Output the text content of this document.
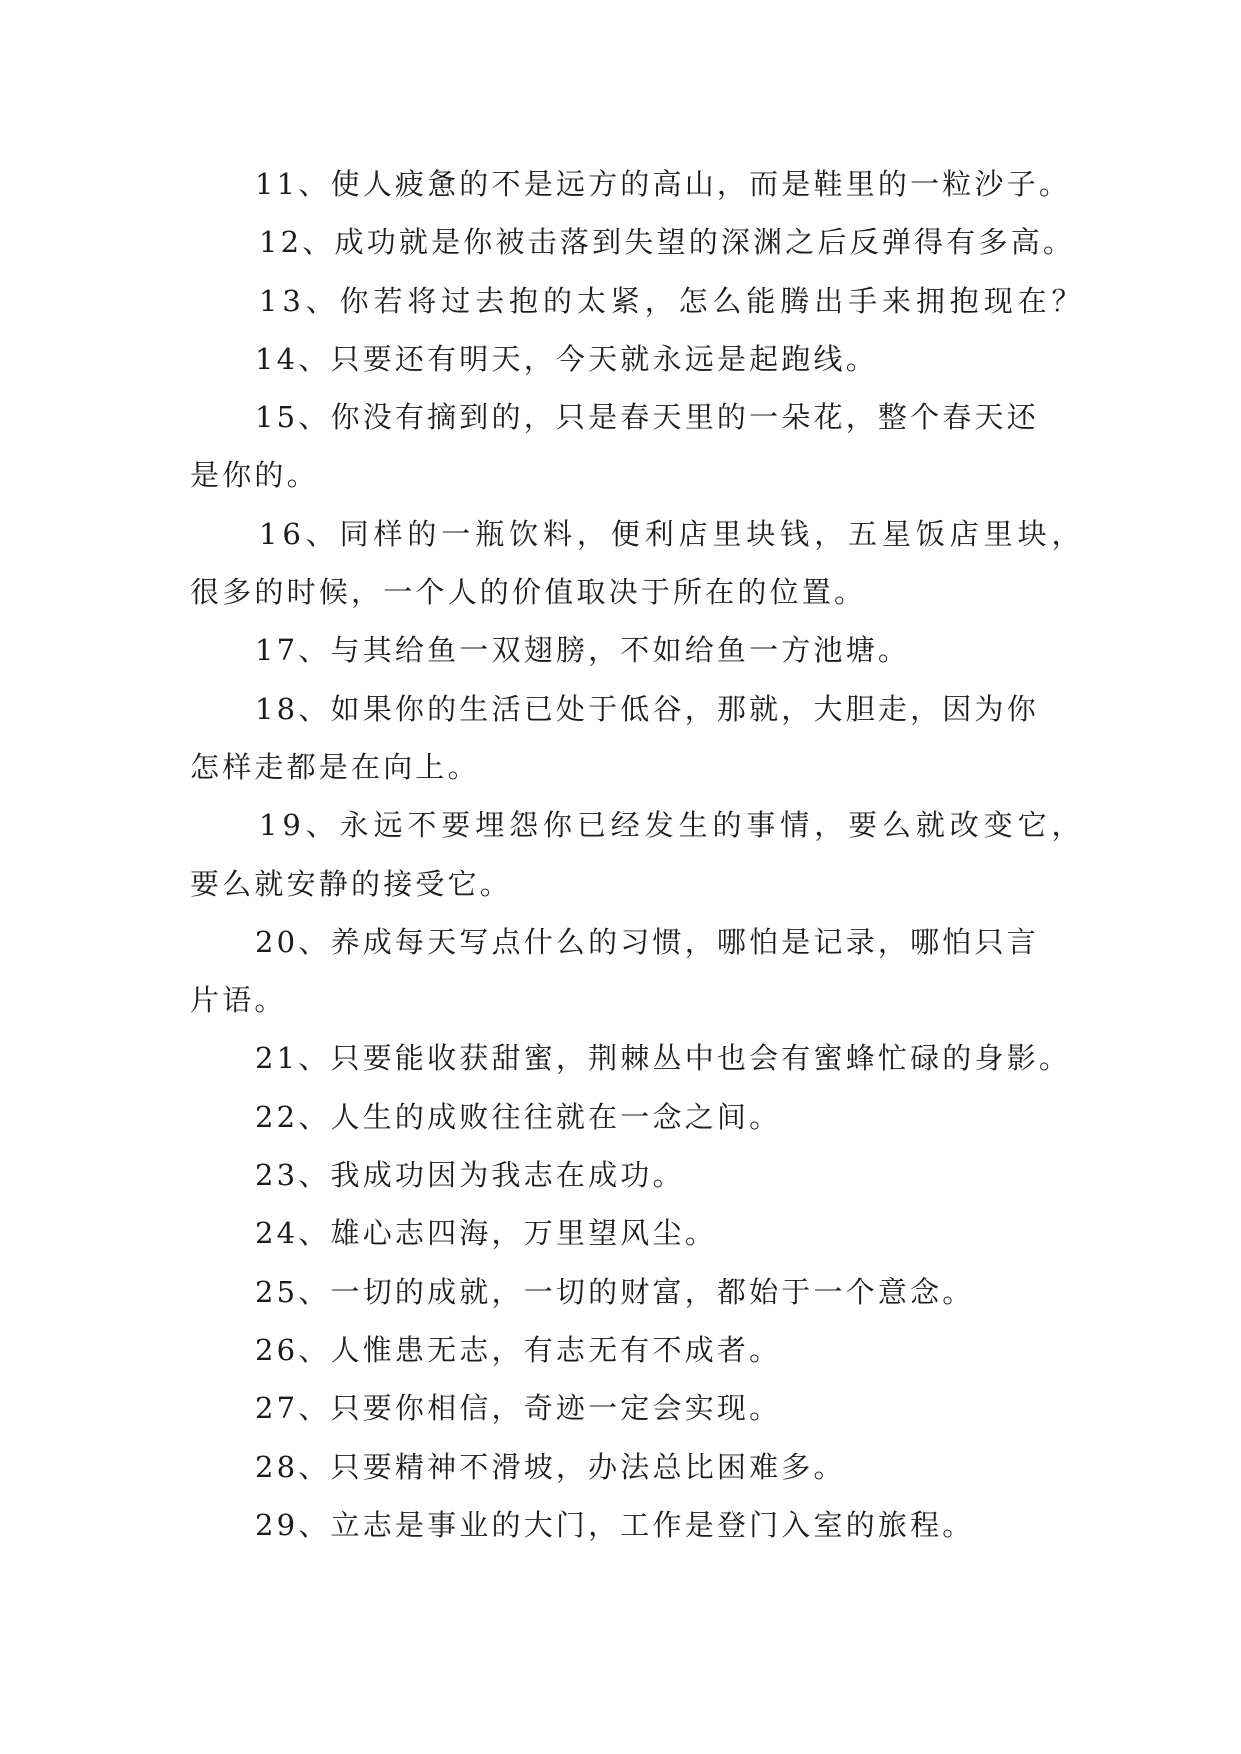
11、使人疲惫的不是远方的高山，而是鞋里的一粒沙子。
12、成功就是你被击落到失望的深渊之后反弹得有多高。
13、你若将过去抱的太紧，怎么能腾出手来拥抱现在？
14、只要还有明天，今天就永远是起跑线。
15、你没有摘到的，只是春天里的一朵花，整个春天还
是你的。
16、同样的一瓶饮料，便利店里块钱，五星饭店里块，
很多的时候，一个人的价值取决于所在的位置。
17、与其给鱼一双翅膀，不如给鱼一方池塘。
18、如果你的生活已处于低谷，那就，大胆走，因为你
怎样走都是在向上。
19、永远不要埋怨你已经发生的事情，要么就改变它，
要么就安静的接受它。
20、养成每天写点什么的习惯，哪怕是记录，哪怕只言
片语。
21、只要能收获甜蜜，荆棘丛中也会有蜜蜂忙碌的身影。
22、人生的成败往往就在一念之间。
23、我成功因为我志在成功。
24、雄心志四海，万里望风尘。
25、一切的成就，一切的财富，都始于一个意念。
26、人惟患无志，有志无有不成者。
27、只要你相信，奇迹一定会实现。
28、只要精神不滑坡，办法总比困难多。
29、立志是事业的大门，工作是登门入室的旅程。
